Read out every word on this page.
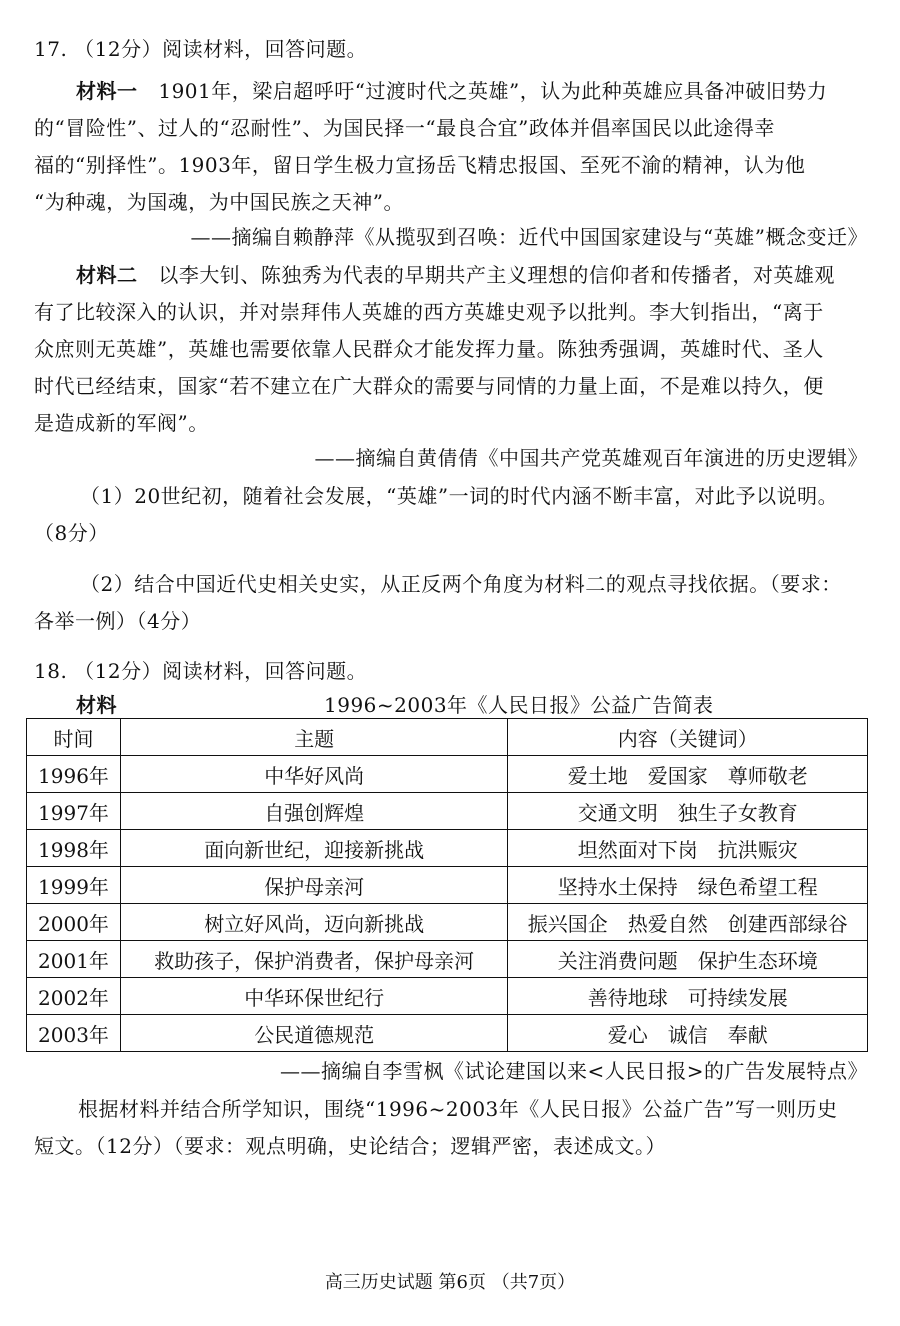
17. （12分）阅读材料，回答问题。
材料一 1901年，梁启超呼吁“过渡时代之英雄”，认为此种英雄应具备冲破旧势力
的“冒险性”、过人的“忍耐性”、为国民择一“最良合宜”政体并倡率国民以此途得幸
福的“别择性”。1903年，留日学生极力宣扬岳飞精忠报国、至死不渝的精神，认为他
“为种魂，为国魂，为中国民族之天神”。
——摘编自赖静萍《从揽驭到召唤：近代中国国家建设与“英雄”概念变迁》
材料二 以李大钊、陈独秀为代表的早期共产主义理想的信仰者和传播者，对英雄观
有了比较深入的认识，并对崇拜伟人英雄的西方英雄史观予以批判。李大钊指出，“离于
众庶则无英雄”，英雄也需要依靠人民群众才能发挥力量。陈独秀强调，英雄时代、圣人
时代已经结束，国家“若不建立在广大群众的需要与同情的力量上面，不是难以持久，便
是造成新的军阀”。
——摘编自黄倩倩《中国共产党英雄观百年演进的历史逻辑》
（1）20世纪初，随着社会发展，“英雄”一词的时代内涵不断丰富，对此予以说明。
（8分）
（2）结合中国近代史相关史实，从正反两个角度为材料二的观点寻找依据。（要求：
各举一例）（4分）
18. （12分）阅读材料，回答问题。
材料	1996~2003年《人民日报》公益广告简表
时间	主题	内容（关键词）
1996年	中华好风尚	爱土地　爱国家　尊师敬老
1997年	自强创辉煌	交通文明　独生子女教育
1998年	面向新世纪，迎接新挑战	坦然面对下岗　抗洪赈灾
1999年	保护母亲河	坚持水土保持　绿色希望工程
2000年	树立好风尚，迈向新挑战	振兴国企　热爱自然　创建西部绿谷
2001年	救助孩子，保护消费者，保护母亲河	关注消费问题　保护生态环境
2002年	中华环保世纪行	善待地球　可持续发展
2003年	公民道德规范	爱心　诚信　奉献
——摘编自李雪枫《试论建国以来<人民日报>的广告发展特点》
根据材料并结合所学知识，围绕“1996~2003年《人民日报》公益广告”写一则历史
短文。（12分）（要求：观点明确，史论结合；逻辑严密，表述成文。）
高三历史试题 第6页 （共7页）
